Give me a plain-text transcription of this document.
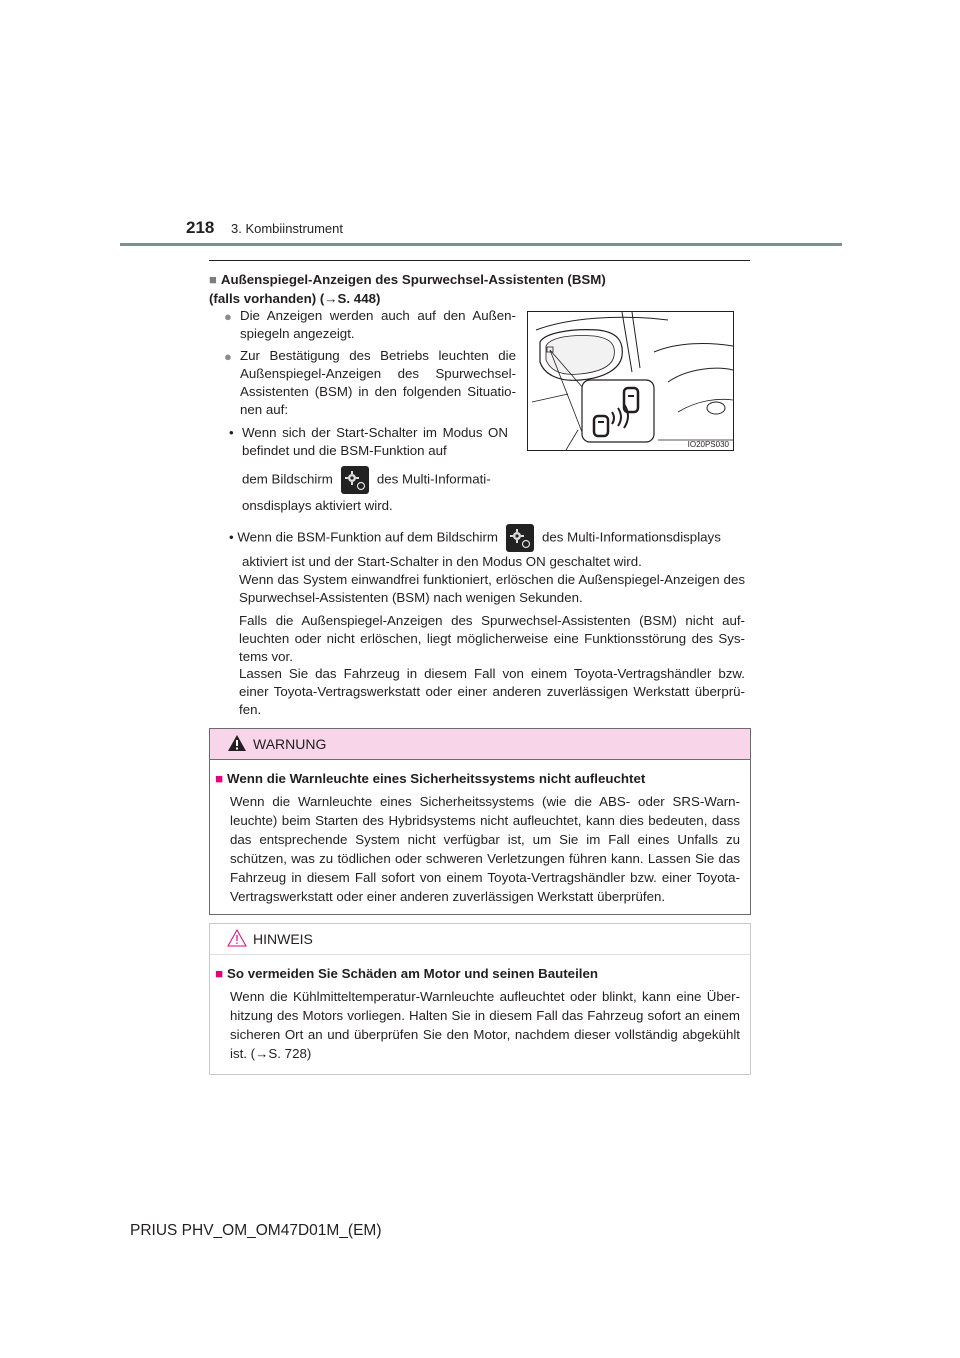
218 3. Kombiinstrument
■ Außenspiegel-Anzeigen des Spurwechsel-Assistenten (BSM)
(falls vorhanden) (→S. 448)
● Die Anzeigen werden auch auf den Außen-spiegeln angezeigt.
● Zur Bestätigung des Betriebs leuchten die Außenspiegel-Anzeigen des Spurwechsel-Assistenten (BSM) in den folgenden Situatio-nen auf:
• Wenn sich der Start-Schalter im Modus ON befindet und die BSM-Funktion auf
dem Bildschirm	des Multi-Informati-
onsdisplays aktiviert wird.
• Wenn die BSM-Funktion auf dem Bildschirm	des Multi-Informationsdisplays
aktiviert ist und der Start-Schalter in den Modus ON geschaltet wird.
Wenn das System einwandfrei funktioniert, erlöschen die Außenspiegel-Anzeigen des Spurwechsel-Assistenten (BSM) nach wenigen Sekunden.
Falls die Außenspiegel-Anzeigen des Spurwechsel-Assistenten (BSM) nicht auf-leuchten oder nicht erlöschen, liegt möglicherweise eine Funktionsstörung des Sys-tems vor.
Lassen Sie das Fahrzeug in diesem Fall von einem Toyota-Vertragshändler bzw. einer Toyota-Vertragswerkstatt oder einer anderen zuverlässigen Werkstatt überprü-fen.
IO20PS030
WARNUNG
■ Wenn die Warnleuchte eines Sicherheitssystems nicht aufleuchtet
Wenn die Warnleuchte eines Sicherheitssystems (wie die ABS- oder SRS-Warn-leuchte) beim Starten des Hybridsystems nicht aufleuchtet, kann dies bedeuten, dass das entsprechende System nicht verfügbar ist, um Sie im Fall eines Unfalls zu schützen, was zu tödlichen oder schweren Verletzungen führen kann. Lassen Sie das Fahrzeug in diesem Fall sofort von einem Toyota-Vertragshändler bzw. einer Toyota-Vertragswerkstatt oder einer anderen zuverlässigen Werkstatt überprüfen.
HINWEIS
■ So vermeiden Sie Schäden am Motor und seinen Bauteilen
Wenn die Kühlmitteltemperatur-Warnleuchte aufleuchtet oder blinkt, kann eine Über-hitzung des Motors vorliegen. Halten Sie in diesem Fall das Fahrzeug sofort an einem sicheren Ort an und überprüfen Sie den Motor, nachdem dieser vollständig abgekühlt ist. (→S. 728)
PRIUS PHV_OM_OM47D01M_(EM)
